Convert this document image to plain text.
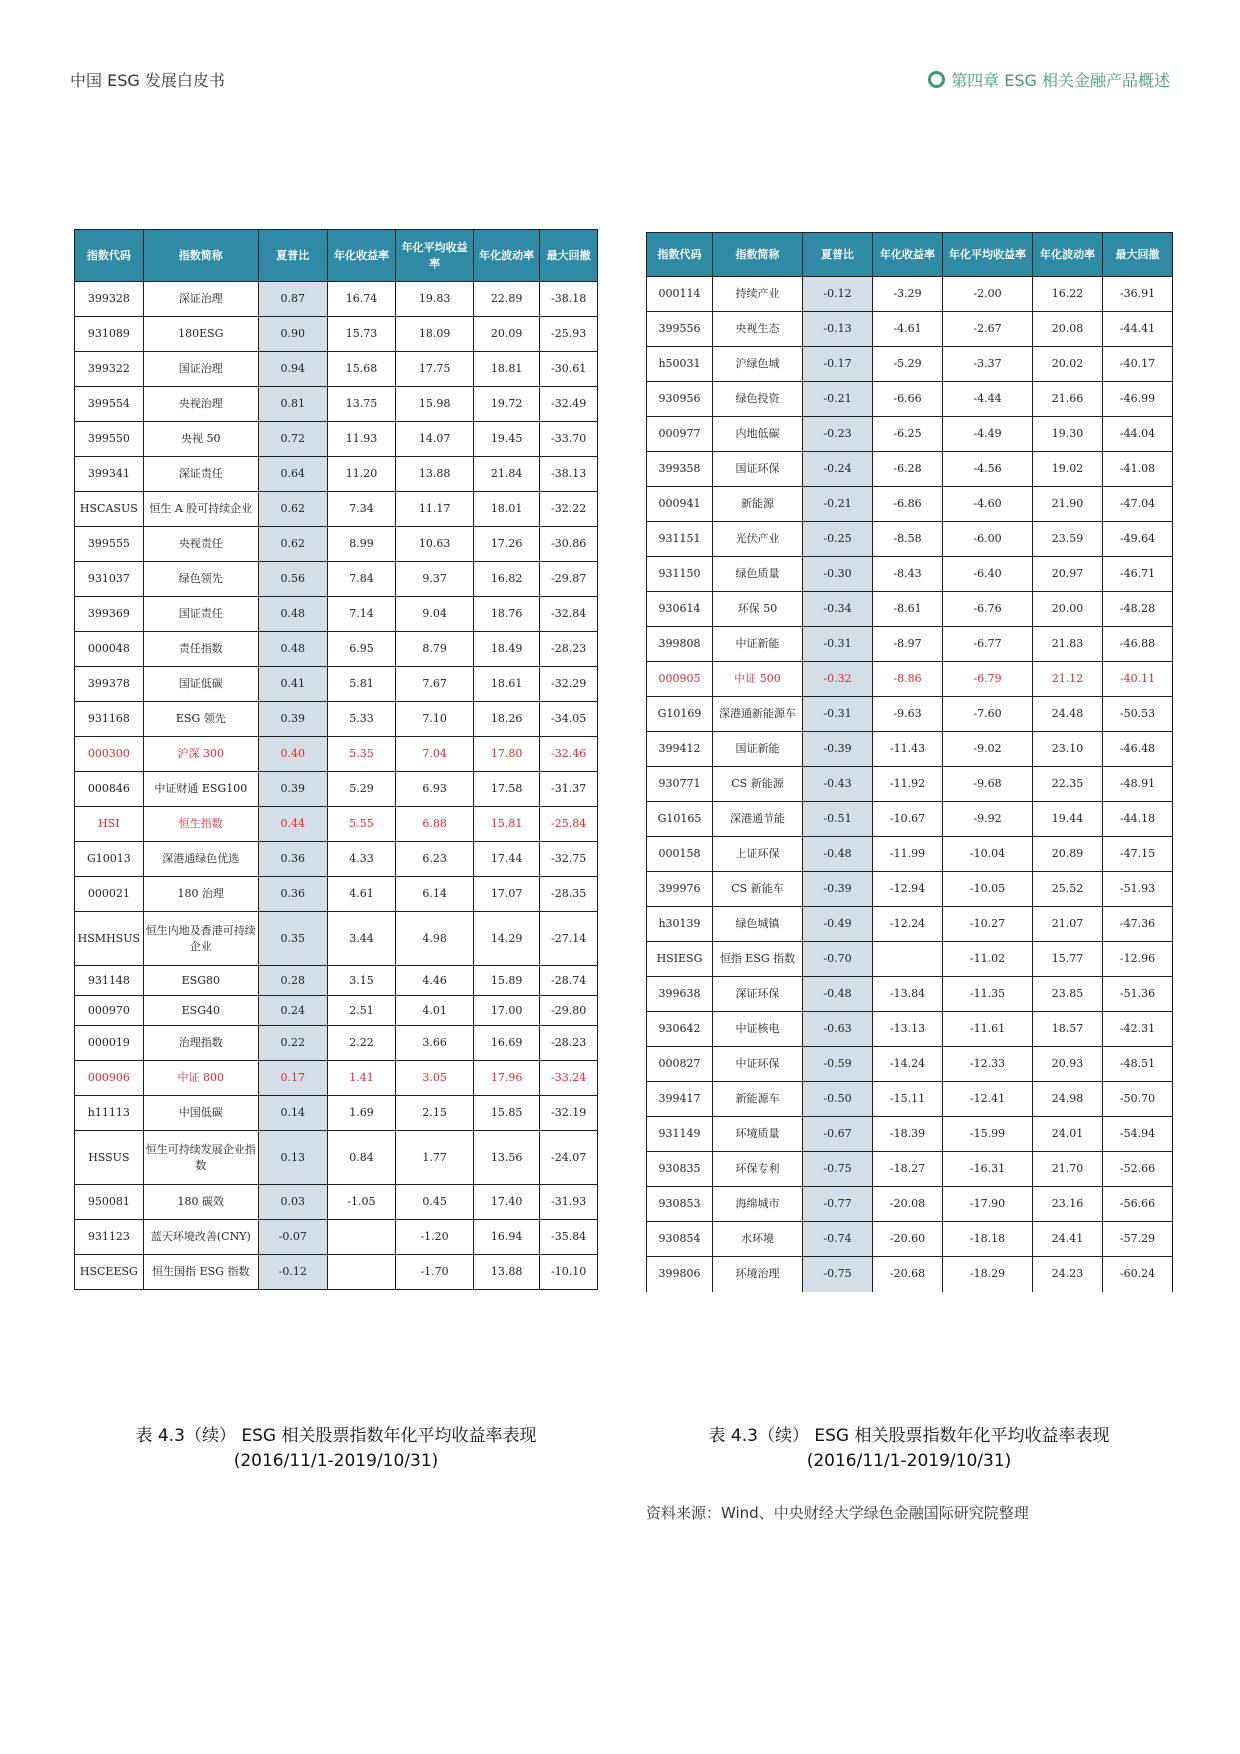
中国 ESG 发展白皮书	第四章 ESG 相关金融产品概述
指数代码	指数简称	夏普比	年化收益率	年化平均收益率	年化波动率	最大回撤
399328	深证治理	0.87	16.74	19.83	22.89	-38.18
931089	180ESG	0.90	15.73	18.09	20.09	-25.93
399322	国证治理	0.94	15.68	17.75	18.81	-30.61
399554	央视治理	0.81	13.75	15.98	19.72	-32.49
399550	央视 50	0.72	11.93	14.07	19.45	-33.70
399341	深证责任	0.64	11.20	13.88	21.84	-38.13
HSCASUS	恒生 A 股可持续企业	0.62	7.34	11.17	18.01	-32.22
399555	央视责任	0.62	8.99	10.63	17.26	-30.86
931037	绿色领先	0.56	7.84	9.37	16.82	-29.87
399369	国证责任	0.48	7.14	9.04	18.76	-32.84
000048	责任指数	0.48	6.95	8.79	18.49	-28.23
399378	国证低碳	0.41	5.81	7.67	18.61	-32.29
931168	ESG 领先	0.39	5.33	7.10	18.26	-34.05
000300	沪深 300	0.40	5.35	7.04	17.80	-32.46
000846	中证财通 ESG100	0.39	5.29	6.93	17.58	-31.37
HSI	恒生指数	0.44	5.55	6.88	15.81	-25.84
G10013	深港通绿色优选	0.36	4.33	6.23	17.44	-32.75
000021	180 治理	0.36	4.61	6.14	17.07	-28.35
HSMHSUS	恒生内地及香港可持续企业	0.35	3.44	4.98	14.29	-27.14
931148	ESG80	0.28	3.15	4.46	15.89	-28.74
000970	ESG40	0.24	2.51	4.01	17.00	-29.80
000019	治理指数	0.22	2.22	3.66	16.69	-28.23
000906	中证 800	0.17	1.41	3.05	17.96	-33.24
h11113	中国低碳	0.14	1.69	2.15	15.85	-32.19
HSSUS	恒生可持续发展企业指数	0.13	0.84	1.77	13.56	-24.07
950081	180 碳效	0.03	-1.05	0.45	17.40	-31.93
931123	蓝天环境改善(CNY)	-0.07		-1.20	16.94	-35.84
HSCEESG	恒生国指 ESG 指数	-0.12		-1.70	13.88	-10.10
指数代码	指数简称	夏普比	年化收益率	年化平均收益率	年化波动率	最大回撤
000114	持续产业	-0.12	-3.29	-2.00	16.22	-36.91
399556	央视生态	-0.13	-4.61	-2.67	20.08	-44.41
h50031	沪绿色城	-0.17	-5.29	-3.37	20.02	-40.17
930956	绿色投资	-0.21	-6.66	-4.44	21.66	-46.99
000977	内地低碳	-0.23	-6.25	-4.49	19.30	-44.04
399358	国证环保	-0.24	-6.28	-4.56	19.02	-41.08
000941	新能源	-0.21	-6.86	-4.60	21.90	-47.04
931151	光伏产业	-0.25	-8.58	-6.00	23.59	-49.64
931150	绿色质量	-0.30	-8.43	-6.40	20.97	-46.71
930614	环保 50	-0.34	-8.61	-6.76	20.00	-48.28
399808	中证新能	-0.31	-8.97	-6.77	21.83	-46.88
000905	中证 500	-0.32	-8.86	-6.79	21.12	-40.11
G10169	深港通新能源车	-0.31	-9.63	-7.60	24.48	-50.53
399412	国证新能	-0.39	-11.43	-9.02	23.10	-46.48
930771	CS 新能源	-0.43	-11.92	-9.68	22.35	-48.91
G10165	深港通节能	-0.51	-10.67	-9.92	19.44	-44.18
000158	上证环保	-0.48	-11.99	-10.04	20.89	-47.15
399976	CS 新能车	-0.39	-12.94	-10.05	25.52	-51.93
h30139	绿色城镇	-0.49	-12.24	-10.27	21.07	-47.36
HSIESG	恒指 ESG 指数	-0.70		-11.02	15.77	-12.96
399638	深证环保	-0.48	-13.84	-11.35	23.85	-51.36
930642	中证核电	-0.63	-13.13	-11.61	18.57	-42.31
000827	中证环保	-0.59	-14.24	-12.33	20.93	-48.51
399417	新能源车	-0.50	-15.11	-12.41	24.98	-50.70
931149	环境质量	-0.67	-18.39	-15.99	24.01	-54.94
930835	环保专利	-0.75	-18.27	-16.31	21.70	-52.66
930853	海绵城市	-0.77	-20.08	-17.90	23.16	-56.66
930854	水环境	-0.74	-20.60	-18.18	24.41	-57.29
399806	环境治理	-0.75	-20.68	-18.29	24.23	-60.24
表 4.3（续） ESG 相关股票指数年化平均收益率表现
(2016/11/1-2019/10/31)
表 4.3（续） ESG 相关股票指数年化平均收益率表现
(2016/11/1-2019/10/31)
资料来源：Wind、中央财经大学绿色金融国际研究院整理
